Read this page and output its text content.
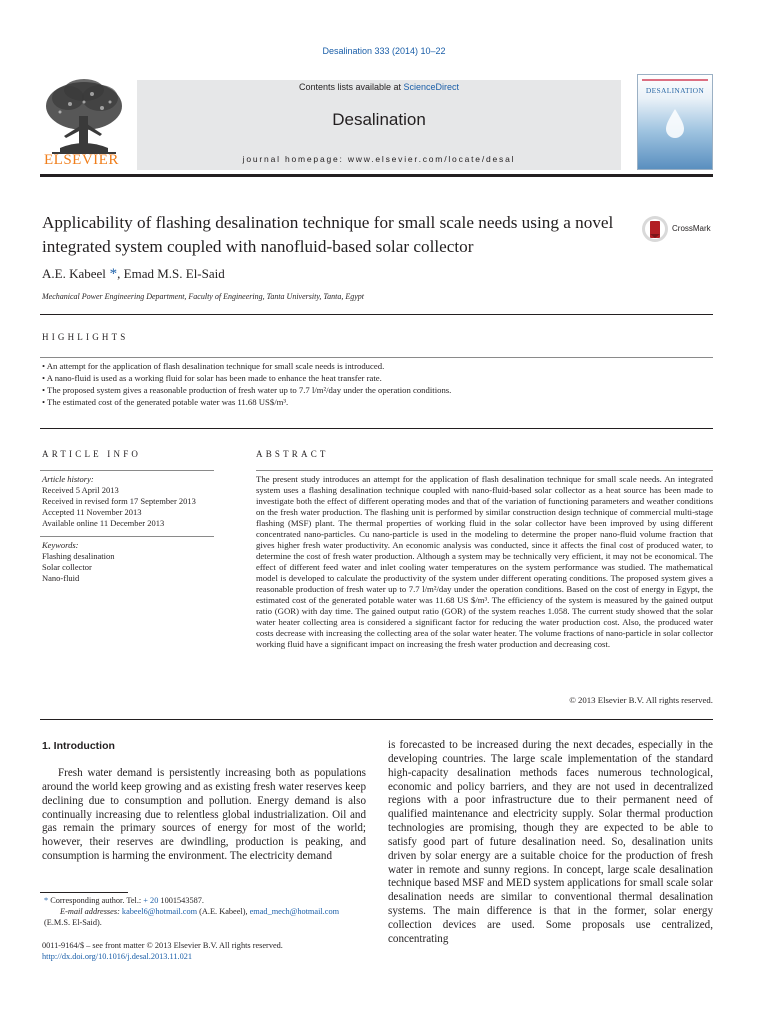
Desalination 333 (2014) 10–22
ELSEVIER
Contents lists available at ScienceDirect
Desalination
journal homepage: www.elsevier.com/locate/desal
DESALINATION
Applicability of flashing desalination technique for small scale needs using a novel integrated system coupled with nanofluid-based solar collector
CrossMark
A.E. Kabeel *, Emad M.S. El-Said
Mechanical Power Engineering Department, Faculty of Engineering, Tanta University, Tanta, Egypt
HIGHLIGHTS
• An attempt for the application of flash desalination technique for small scale needs is introduced.
• A nano-fluid is used as a working fluid for solar has been made to enhance the heat transfer rate.
• The proposed system gives a reasonable production of fresh water up to 7.7 l/m²/day under the operation conditions.
• The estimated cost of the generated potable water was 11.68 US$/m³.
ARTICLE INFO	ABSTRACT
Article history:
Received 5 April 2013
Received in revised form 17 September 2013
Accepted 11 November 2013
Available online 11 December 2013
Keywords:
Flashing desalination
Solar collector
Nano-fluid
The present study introduces an attempt for the application of flash desalination technique for small scale needs. An integrated system uses a flashing desalination technique coupled with nano-fluid-based solar collector as a heat source has been made to investigate both the effect of different operating modes and that of the variation of functioning parameters and weather conditions on the fresh water production. The flashing unit is performed by similar construction design technique of commercial multi-stage flashing (MSF) plant. The thermal properties of working fluid in the solar collector have been improved by using different concentrated nano-particles. Cu nano-particle is used in the modeling to determine the proper nano-fluid volume fraction that gives higher fresh water productivity. An economic analysis was conducted, since it affects the final cost of produced water, to determine the cost of fresh water production. Although a system may be technically very efficient, it may not be economical. The effect of different feed water and inlet cooling water temperatures on the system performance was studied. The mathematical model is developed to calculate the productivity of the system under different operating conditions. The proposed system gives a reasonable production of fresh water up to 7.7 l/m²/day under the operation conditions. Based on the cost of energy in Egypt, the estimated cost of the generated potable water was 11.68 US $/m³. The efficiency of the system is measured by the gained output ratio (GOR) with day time. The gained output ratio (GOR) of the system reaches 1.058. The current study showed that the solar water heater collecting area is considered a significant factor for reducing the water production cost. Also, the produced water costs decrease with increasing the collecting area of the solar water heater. The volume fractions of nano-particle in solar collector working fluid have a significant impact on increasing the fresh water production and decreasing cost.
© 2013 Elsevier B.V. All rights reserved.
1. Introduction
Fresh water demand is persistently increasing both as populations around the world keep growing and as existing fresh water reserves keep declining due to consumption and pollution. Energy demand is also continually increasing due to relentless global industrialization. Oil and gas remain the primary sources of energy for most of the world; however, their reserves are dwindling, production is peaking, and consumption is harming the environment. The electricity demand
is forecasted to be increased during the next decades, especially in the developing countries. The large scale implementation of the standard high-capacity desalination methods faces numerous technological, economic and policy barriers, and they are not used in decentralized regions with a poor infrastructure due to their permanent need of qualified maintenance and electricity supply. Solar thermal production technologies are promising, though they are expected to be able to satisfy good part of future desalination need. So, desalination units driven by solar energy are a suitable choice for the production of fresh water in remote and sunny regions. In concept, large scale desalination technique based MSF and MED system applications for small scale solar desalination needs are similar to conventional thermal desalination systems. The main difference is that in the former, solar energy collection devices are used. Some proposals use centralized, concentrating
* Corresponding author. Tel.: + 20 1001543587.
E-mail addresses: kabeel6@hotmail.com (A.E. Kabeel), emad_mech@hotmail.com
(E.M.S. El-Said).
0011-9164/$ – see front matter © 2013 Elsevier B.V. All rights reserved.
http://dx.doi.org/10.1016/j.desal.2013.11.021
